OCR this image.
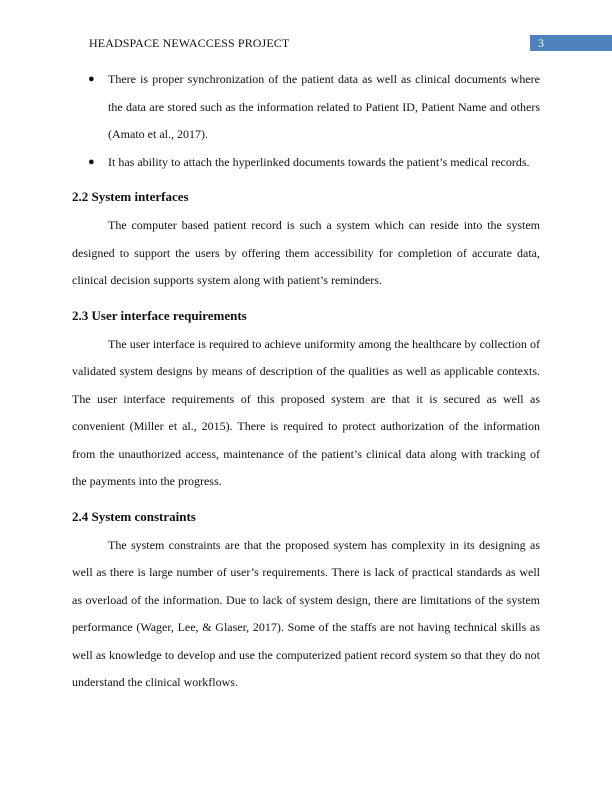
HEADSPACE NEWACCESS PROJECT	3
● There is proper synchronization of the patient data as well as clinical documents where the data are stored such as the information related to Patient ID, Patient Name and others (Amato et al., 2017).
● It has ability to attach the hyperlinked documents towards the patient’s medical records.
2.2 System interfaces

The computer based patient record is such a system which can reside into the system designed to support the users by offering them accessibility for completion of accurate data, clinical decision supports system along with patient’s reminders.

2.3 User interface requirements

The user interface is required to achieve uniformity among the healthcare by collection of validated system designs by means of description of the qualities as well as applicable contexts. The user interface requirements of this proposed system are that it is secured as well as convenient (Miller et al., 2015). There is required to protect authorization of the information from the unauthorized access, maintenance of the patient’s clinical data along with tracking of the payments into the progress.

2.4 System constraints

The system constraints are that the proposed system has complexity in its designing as well as there is large number of user’s requirements. There is lack of practical standards as well as overload of the information. Due to lack of system design, there are limitations of the system performance (Wager, Lee, & Glaser, 2017). Some of the staffs are not having technical skills as well as knowledge to develop and use the computerized patient record system so that they do not understand the clinical workflows.
